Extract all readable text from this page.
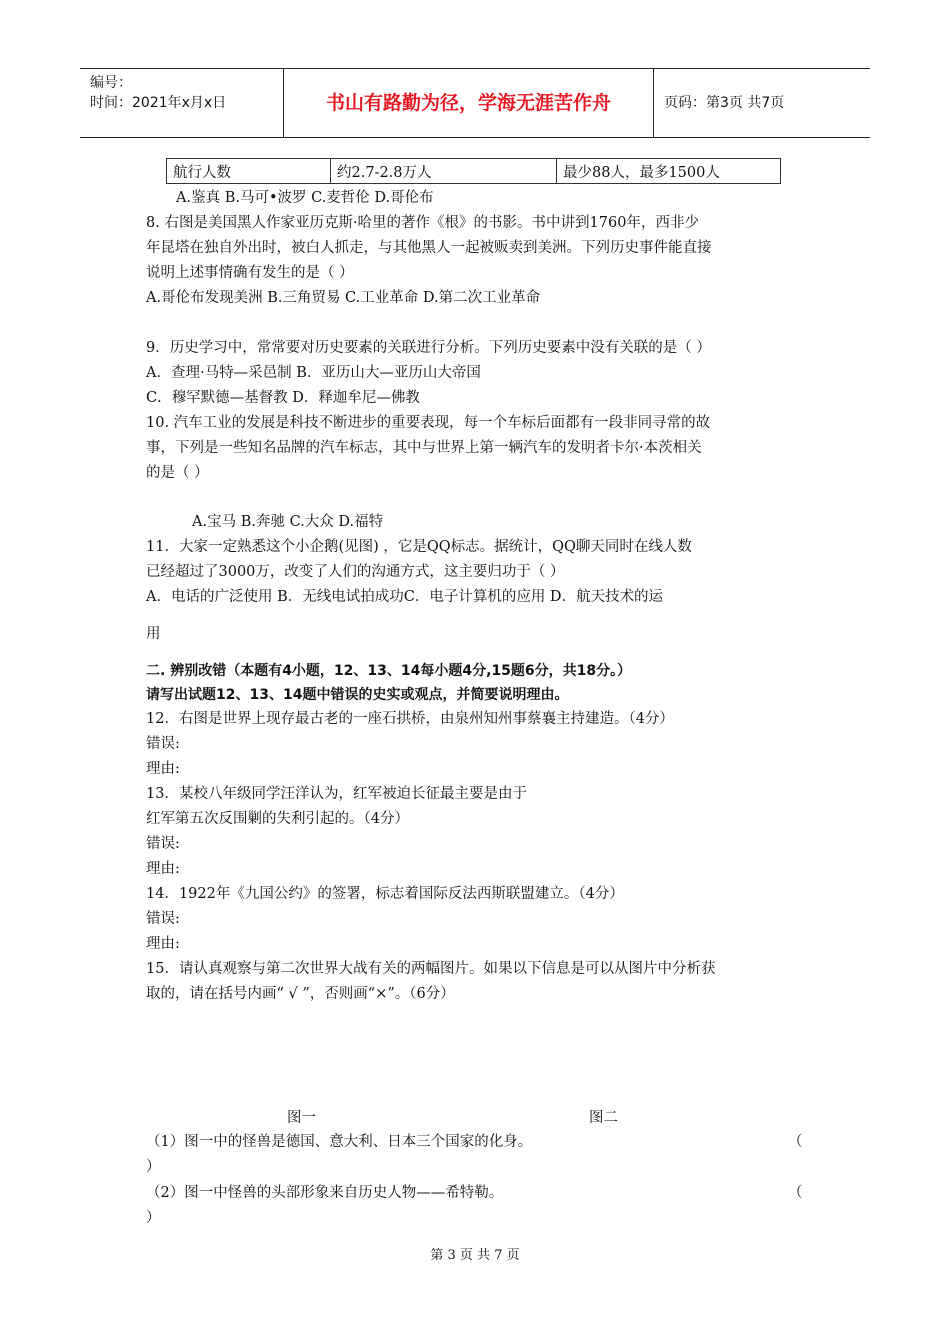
编号：
时间：2021年x月x日	书山有路勤为径，学海无涯苦作舟	页码：第3页 共7页
航行人数	约2.7-2.8万人	最少88人，最多1500人
A.鉴真 B.马可•波罗 C.麦哲伦 D.哥伦布
8. 右图是美国黑人作家亚历克斯·哈里的著作《根》的书影。书中讲到1760年，西非少
年昆塔在独自外出时，被白人抓走，与其他黑人一起被贩卖到美洲。下列历史事件能直接
说明上述事情确有发生的是（ ）
A.哥伦布发现美洲 B.三角贸易 C.工业革命 D.第二次工业革命
9．历史学习中，常常要对历史要素的关联进行分析。下列历史要素中没有关联的是（ ）
A．查理·马特—采邑制 B．亚历山大—亚历山大帝国
C．穆罕默德—基督教 D．释迦牟尼—佛教
10. 汽车工业的发展是科技不断进步的重要表现，每一个车标后面都有一段非同寻常的故
事，下列是一些知名品牌的汽车标志，其中与世界上第一辆汽车的发明者卡尔·本茨相关
的是（ ）
A.宝马 B.奔驰 C.大众 D.福特
11．大家一定熟悉这个小企鹅(见图) ，它是QQ标志。据统计，QQ聊天同时在线人数
已经超过了3000万，改变了人们的沟通方式，这主要归功于（ ）
A．电话的广泛使用 B．无线电试拍成功C．电子计算机的应用 D．航天技术的运
用
二. 辨别改错（本题有4小题，12、13、14每小题4分,15题6分，共18分。）
请写出试题12、13、14题中错误的史实或观点，并简要说明理由。
12．右图是世界上现存最古老的一座石拱桥，由泉州知州事蔡襄主持建造。（4分）
错误:
理由:
13．某校八年级同学汪洋认为，红军被迫长征最主要是由于
红军第五次反围剿的失利引起的。（4分）
错误:
理由:
14．1922年《九国公约》的签署，标志着国际反法西斯联盟建立。（4分）
错误:
理由:
15．请认真观察与第二次世界大战有关的两幅图片。如果以下信息是可以从图片中分析获
取的，请在括号内画“ √ ”，否则画“×”。（6分）
图一	图二
（1）图一中的怪兽是德国、意大利、日本三个国家的化身。	（
）
（2）图一中怪兽的头部形象来自历史人物——希特勒。	（
）
第 3 页 共 7 页
